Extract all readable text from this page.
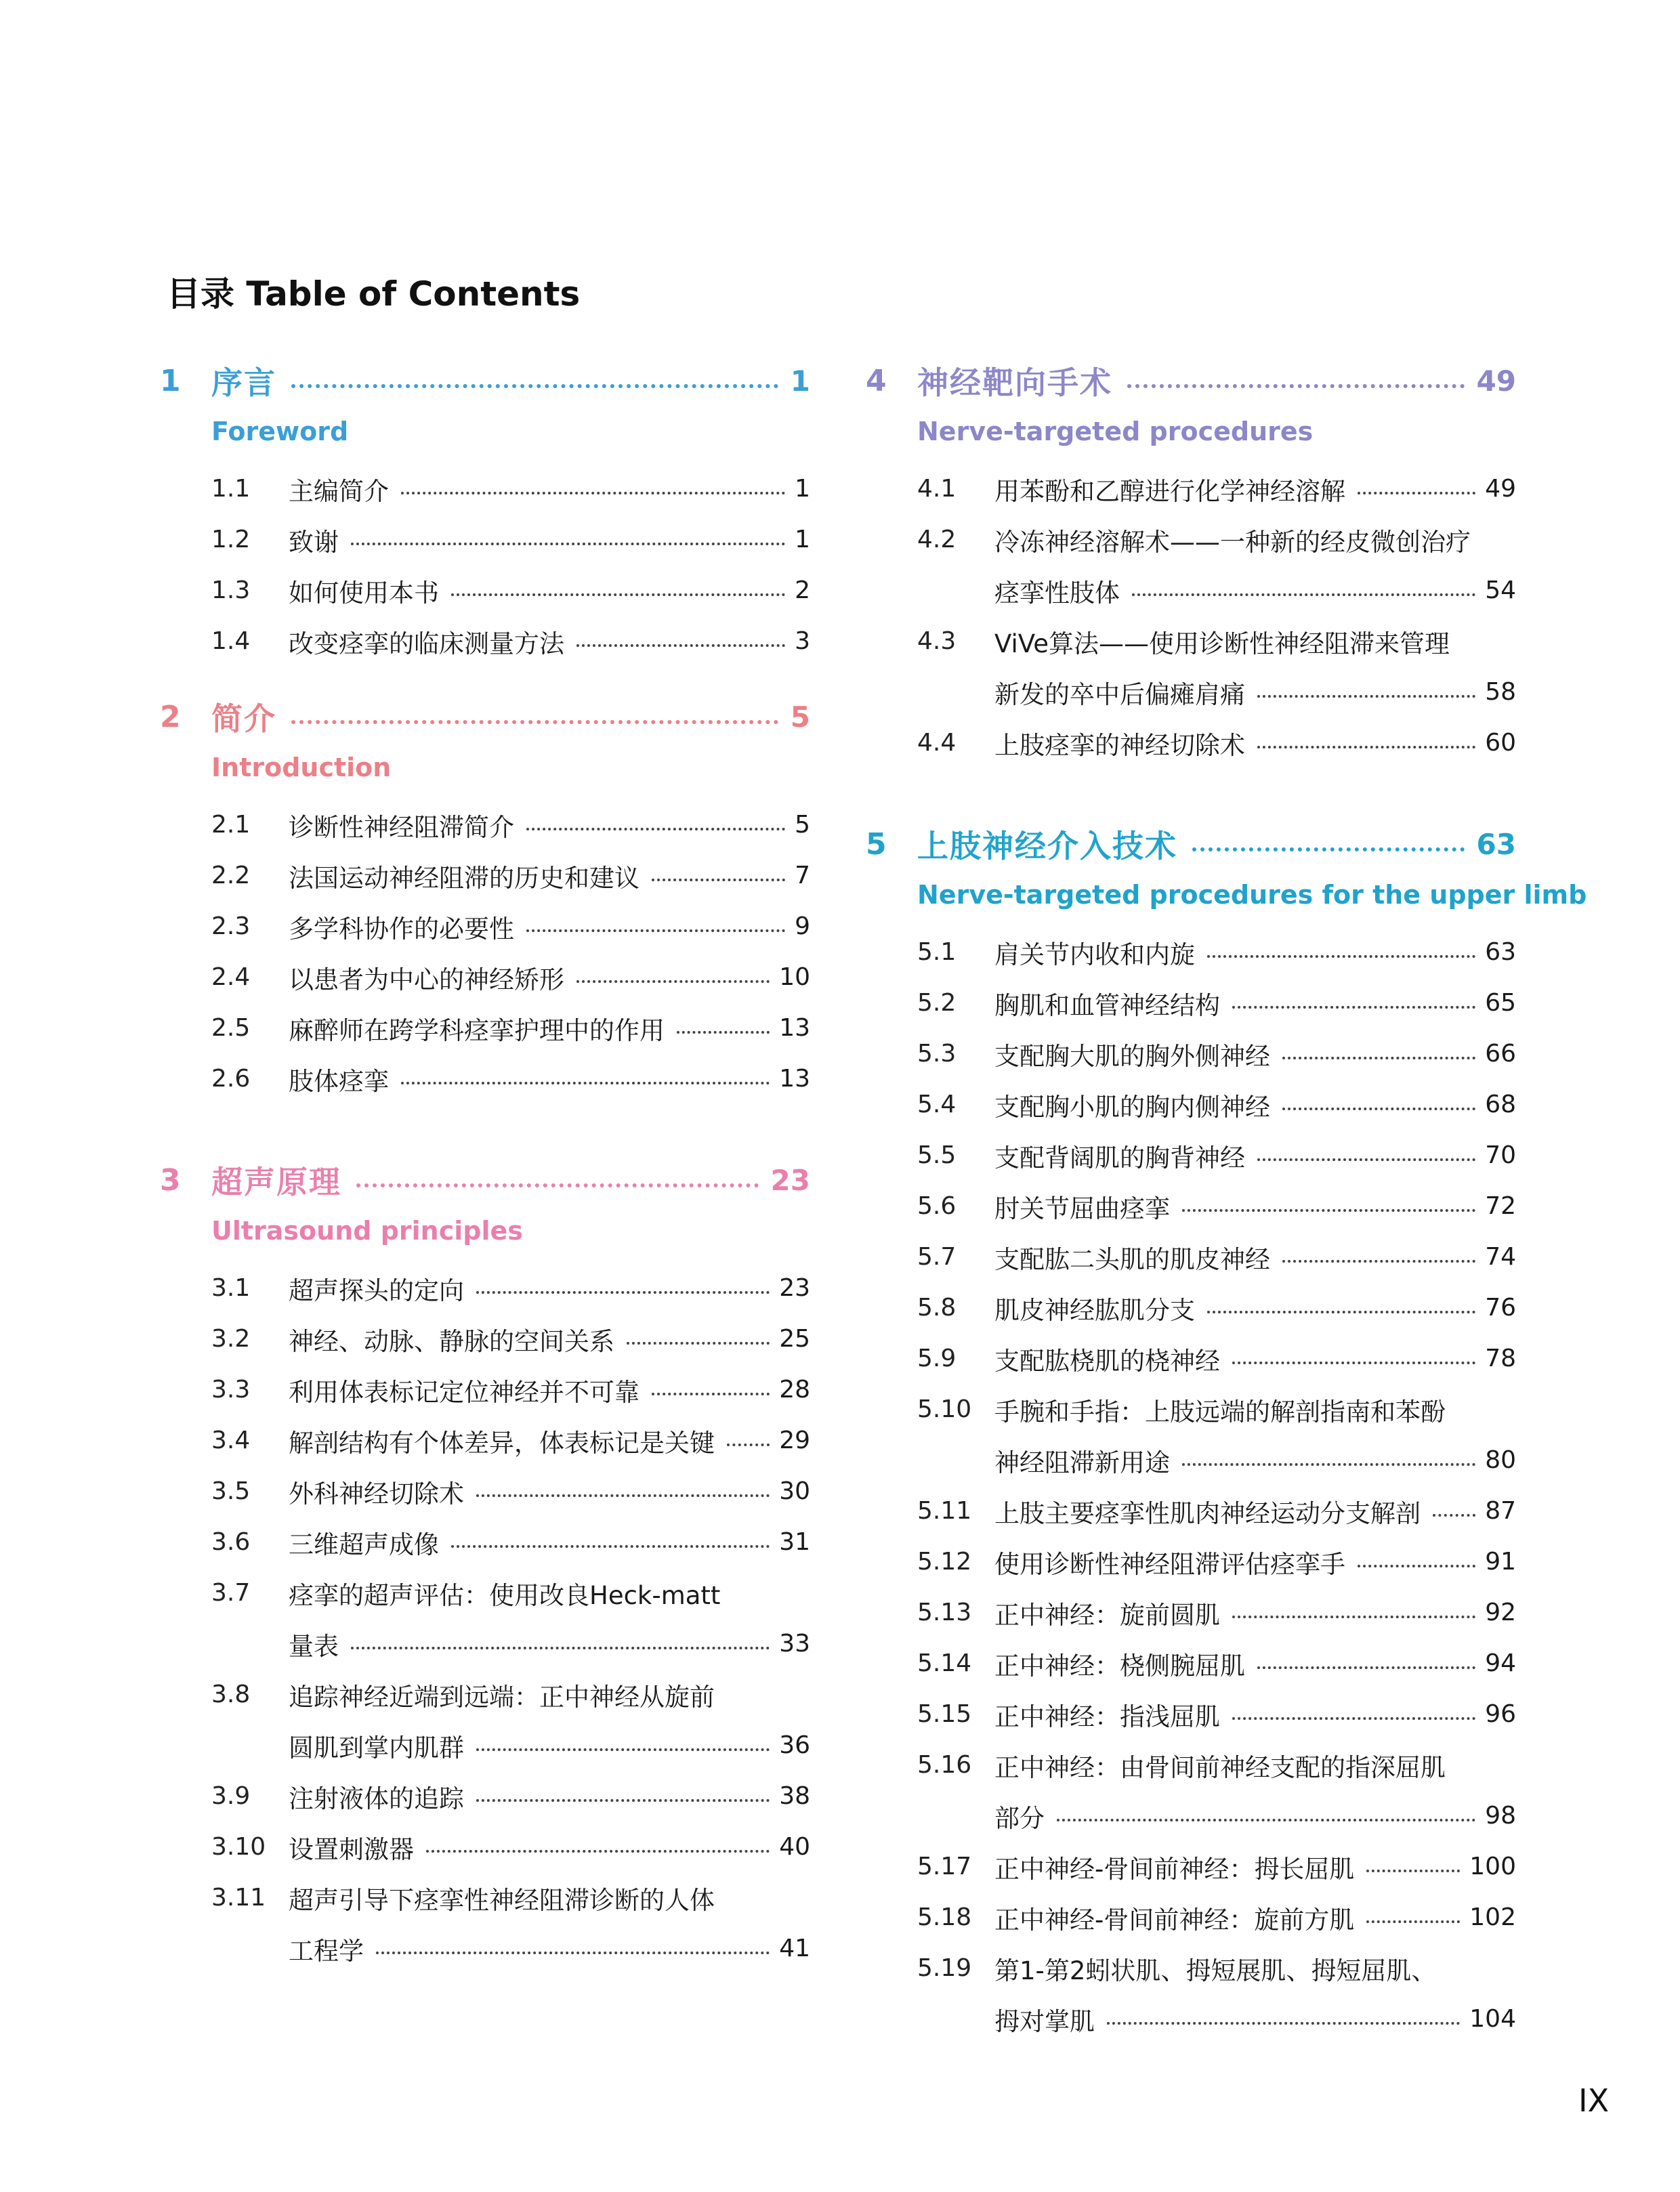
目录 Table of Contents
1 序言	1
Foreword
1.1	主编简介	1
1.2	致谢	1
1.3	如何使用本书	2
1.4	改变痉挛的临床测量方法	3
2 简介	5
Introduction
2.1	诊断性神经阻滞简介	5
2.2	法国运动神经阻滞的历史和建议	7
2.3	多学科协作的必要性	9
2.4	以患者为中心的神经矫形	10
2.5	麻醉师在跨学科痉挛护理中的作用	13
2.6	肢体痉挛	13
3 超声原理	23
Ultrasound principles
3.1	超声探头的定向	23
3.2	神经、动脉、静脉的空间关系	25
3.3	利用体表标记定位神经并不可靠	28
3.4	解剖结构有个体差异，体表标记是关键	29
3.5	外科神经切除术	30
3.6	三维超声成像	31
3.7	痉挛的超声评估：使用改良Heck-matt
量表	33
3.8	追踪神经近端到远端：正中神经从旋前
圆肌到掌内肌群	36
3.9	注射液体的追踪	38
3.10 设置刺激器	40
3.11 超声引导下痉挛性神经阻滞诊断的人体
工程学	41
4 神经靶向手术	49
Nerve-targeted procedures
4.1	用苯酚和乙醇进行化学神经溶解	49
4.2	冷冻神经溶解术——一种新的经皮微创治疗
痉挛性肢体	54
4.3	ViVe算法——使用诊断性神经阻滞来管理
新发的卒中后偏瘫肩痛	58
4.4	上肢痉挛的神经切除术	60
5 上肢神经介入技术	63
Nerve-targeted procedures for the upper limb
5.1	肩关节内收和内旋	63
5.2	胸肌和血管神经结构	65
5.3	支配胸大肌的胸外侧神经	66
5.4	支配胸小肌的胸内侧神经	68
5.5	支配背阔肌的胸背神经	70
5.6	肘关节屈曲痉挛	72
5.7	支配肱二头肌的肌皮神经	74
5.8	肌皮神经肱肌分支	76
5.9	支配肱桡肌的桡神经	78
5.10 手腕和手指：上肢远端的解剖指南和苯酚
神经阻滞新用途	80
5.11 上肢主要痉挛性肌肉神经运动分支解剖	87
5.12 使用诊断性神经阻滞评估痉挛手	91
5.13 正中神经：旋前圆肌	92
5.14 正中神经：桡侧腕屈肌	94
5.15 正中神经：指浅屈肌	96
5.16 正中神经：由骨间前神经支配的指深屈肌
部分	98
5.17 正中神经-骨间前神经：拇长屈肌	100
5.18 正中神经-骨间前神经：旋前方肌	102
5.19 第1-第2蚓状肌、拇短展肌、拇短屈肌、
拇对掌肌	104
IX
